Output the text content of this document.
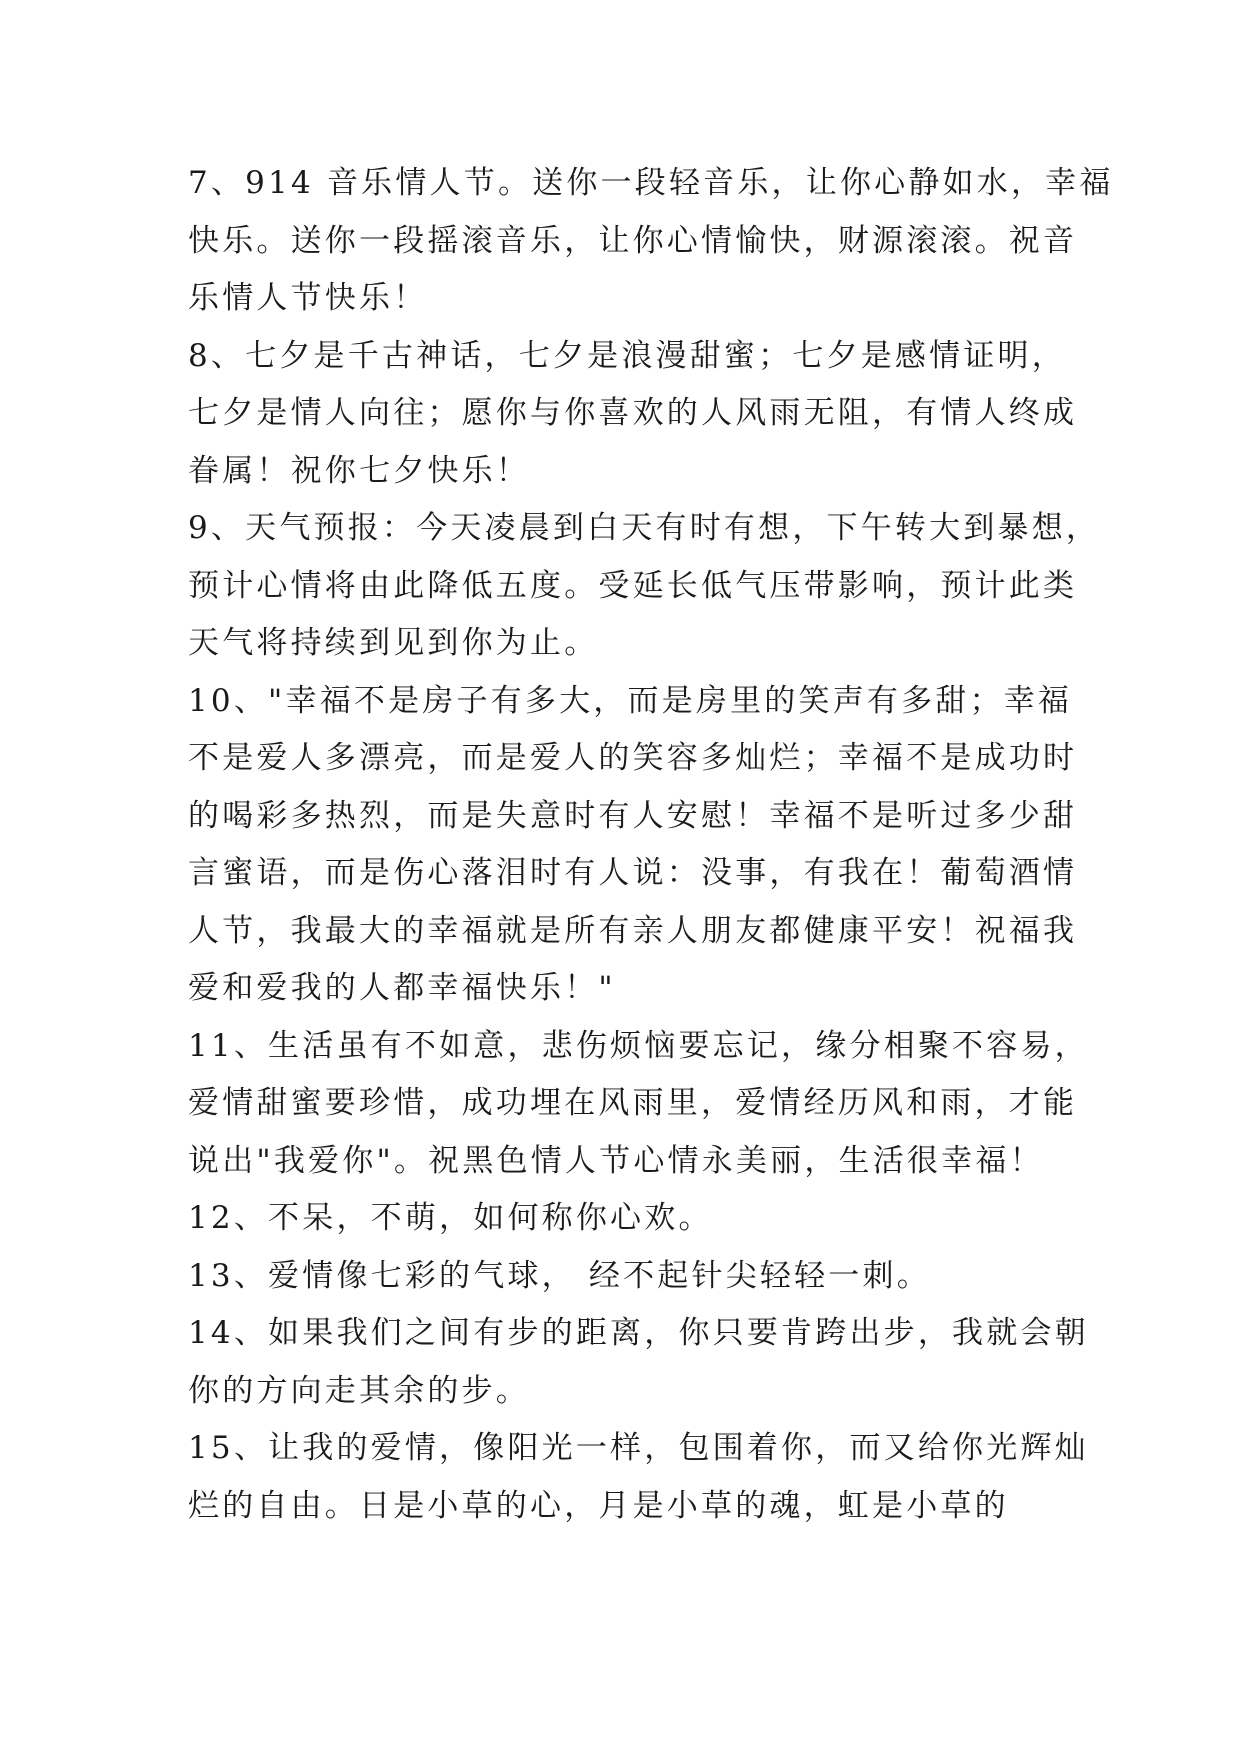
7、914 音乐情人节。送你一段轻音乐，让你心静如水，幸福
快乐。送你一段摇滚音乐，让你心情愉快，财源滚滚。祝音
乐情人节快乐！
8、七夕是千古神话，七夕是浪漫甜蜜；七夕是感情证明，
七夕是情人向往；愿你与你喜欢的人风雨无阻，有情人终成
眷属！祝你七夕快乐！
9、天气预报：今天凌晨到白天有时有想，下午转大到暴想，
预计心情将由此降低五度。受延长低气压带影响，预计此类
天气将持续到见到你为止。
10、"幸福不是房子有多大，而是房里的笑声有多甜；幸福
不是爱人多漂亮，而是爱人的笑容多灿烂；幸福不是成功时
的喝彩多热烈，而是失意时有人安慰！幸福不是听过多少甜
言蜜语，而是伤心落泪时有人说：没事，有我在！葡萄酒情
人节，我最大的幸福就是所有亲人朋友都健康平安！祝福我
爱和爱我的人都幸福快乐！"
11、生活虽有不如意，悲伤烦恼要忘记，缘分相聚不容易，
爱情甜蜜要珍惜，成功埋在风雨里，爱情经历风和雨，才能
说出"我爱你"。祝黑色情人节心情永美丽，生活很幸福！
12、不呆，不萌，如何称你心欢。
13、爱情像七彩的气球， 经不起针尖轻轻一刺。
14、如果我们之间有步的距离，你只要肯跨出步，我就会朝
你的方向走其余的步。
15、让我的爱情，像阳光一样，包围着你，而又给你光辉灿
烂的自由。日是小草的心，月是小草的魂，虹是小草的
